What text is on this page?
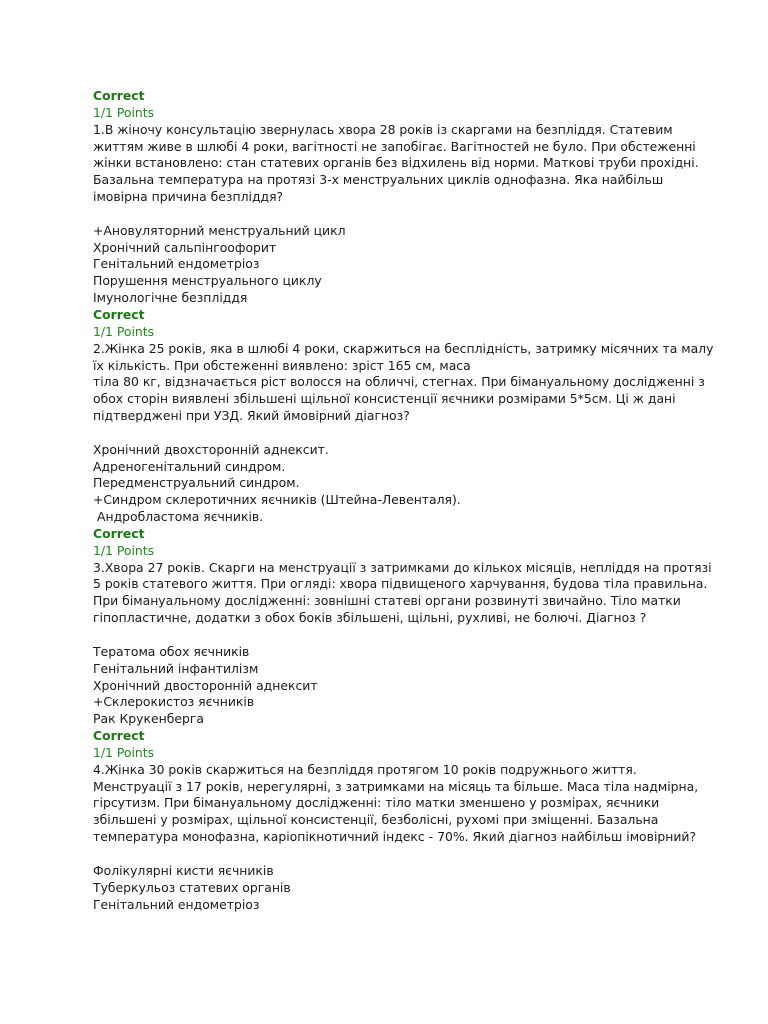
Correct
1/1 Points
1.В жіночу консультацію звернулась хвора 28 років із скаргами на безпліддя. Статевим
життям живе в шлюбі 4 роки, вагітності не запобігає. Вагітностей не було. При обстеженні
жінки встановлено: стан статевих органів без відхилень від норми. Маткові труби прохідні.
Базальна температура на протязі 3-х менструальних циклів однофазна. Яка найбільш
імовірна причина безпліддя?
+Ановуляторний менструальний цикл
Хронічний сальпінгоофорит
Генітальний ендометріоз
Порушення менструального циклу
Імунологічне безпліддя
Correct
1/1 Points
2.Жінка 25 років, яка в шлюбі 4 роки, скаржиться на бесплідність, затримку місячних та малу
їх кількість. При обстеженні виявлено: зріст 165 см, маса
тіла 80 кг, відзначається ріст волосся на обличчі, стегнах. При бімануальному дослідженні з
обох сторін виявлені збільшені щільної консистенції яєчники розмірами 5*5см. Ці ж дані
підтверджені при УЗД. Який ймовірний діагноз?
Хронічний двохсторонній аднексит.
Адреногенітальний синдром.
Передменструальний синдром.
+Синдром склеротичних яєчників (Штейна-Левенталя).
Андробластома яєчників.
Correct
1/1 Points
3.Хвора 27 років. Скарги на менструації з затримками до кількох місяців, непліддя на протязі
5 років статевого життя. При огляді: хвора підвищеного харчування, будова тіла правильна.
При бімануальному дослідженні: зовнішні статеві органи розвинуті звичайно. Тіло матки
гіпопластичне, додатки з обох боків збільшені, щільні, рухливі, не болючі. Діагноз ?
Тератома обох яєчників
Генітальний інфантилізм
Хронічний двосторонній аднексит
+Склерокистоз яєчників
Рак Крукенберга
Correct
1/1 Points
4.Жінка 30 років скаржиться на безпліддя протягом 10 років подружнього життя.
Менструації з 17 років, нерегулярні, з затримками на місяць та більше. Маса тіла надмірна,
гірсутизм. При бімануальному дослідженні: тіло матки зменшено у розмірах, яєчники
збільшені у розмірах, щільної консистенції, безболісні, рухомі при зміщенні. Базальна
температура монофазна, каріопікнотичний індекс - 70%. Який діагноз найбільш імовірний?
Фолікулярні кисти яєчників
Туберкульоз статевих органів
Генітальний ендометріоз
